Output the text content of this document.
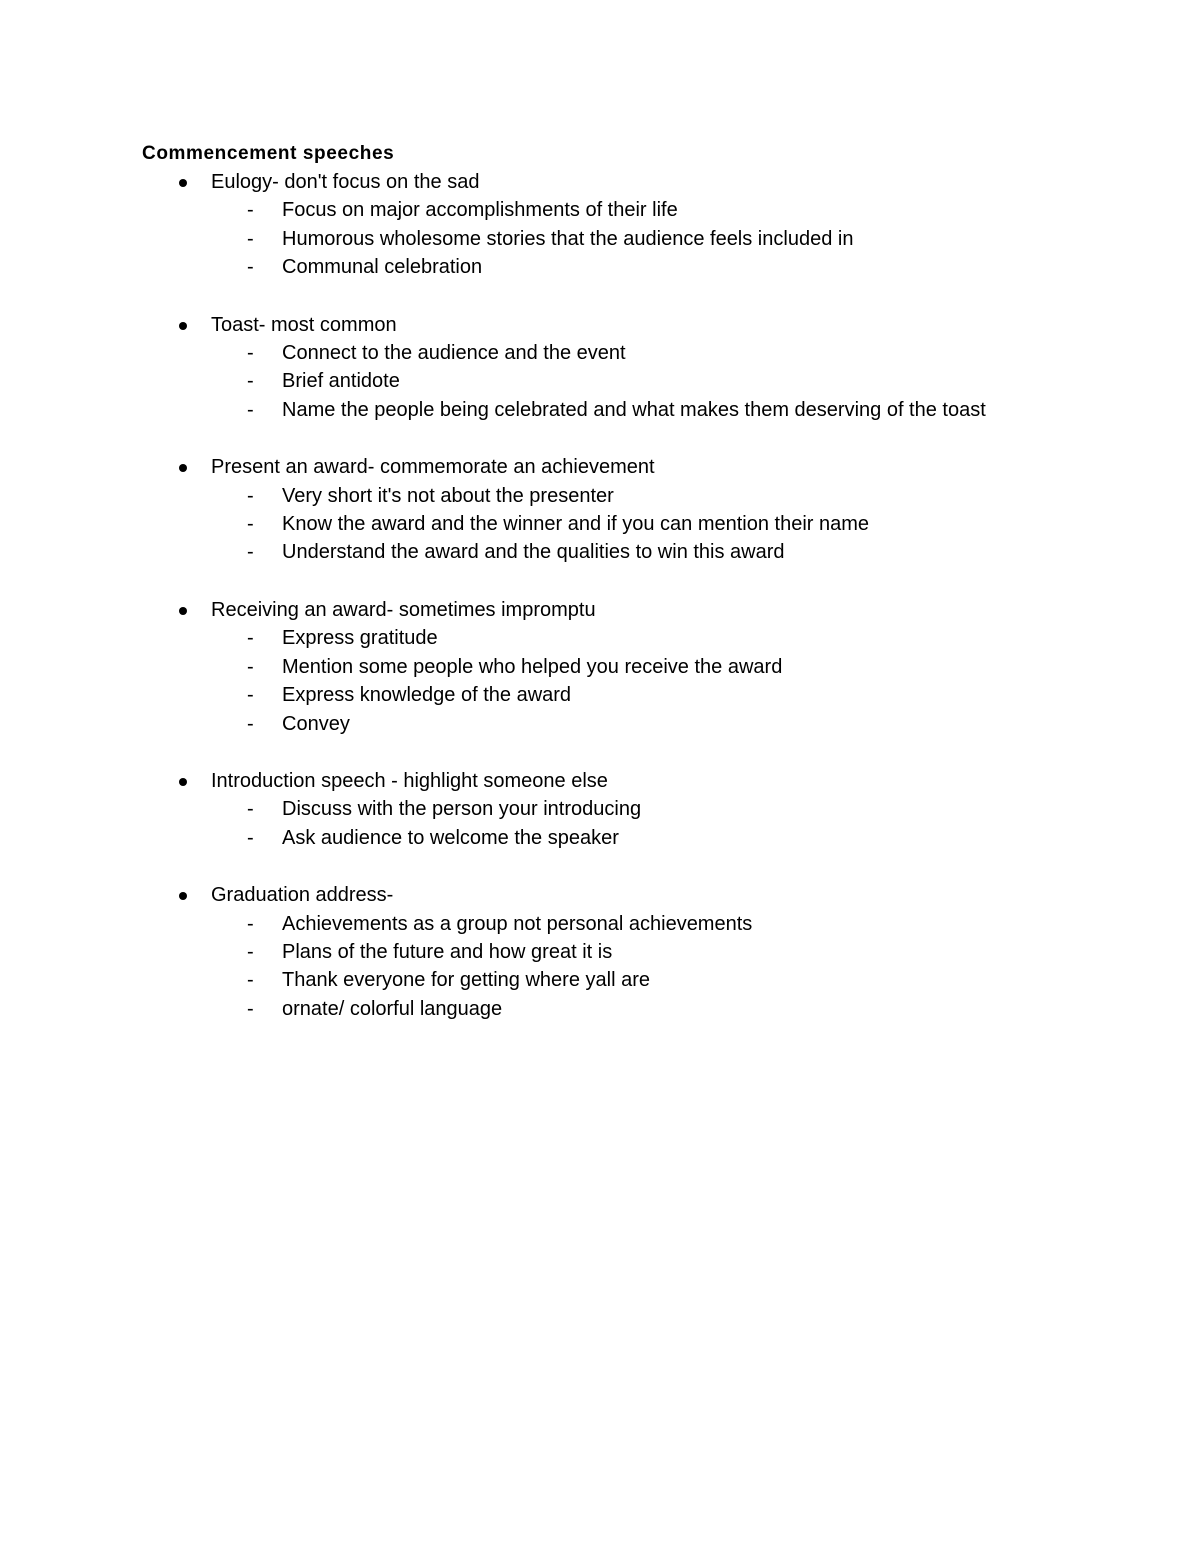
Commencement speeches
Eulogy- don't focus on the sad
- Focus on major accomplishments of their life
- Humorous wholesome stories that the audience feels included in
- Communal celebration
Toast- most common
- Connect to the audience and the event
- Brief antidote
- Name the people being celebrated and what makes them deserving of the toast
Present an award- commemorate an achievement
- Very short it's not about the presenter
- Know the award and the winner and if you can mention their name
- Understand the award and the qualities to win this award
Receiving an award- sometimes impromptu
- Express gratitude
- Mention some people who helped you receive the award
- Express knowledge of the award
- Convey
Introduction speech - highlight someone else
- Discuss with the person your introducing
- Ask audience to welcome the speaker
Graduation address-
- Achievements as a group not personal achievements
- Plans of the future and how great it is
- Thank everyone for getting where yall are
- ornate/ colorful language
